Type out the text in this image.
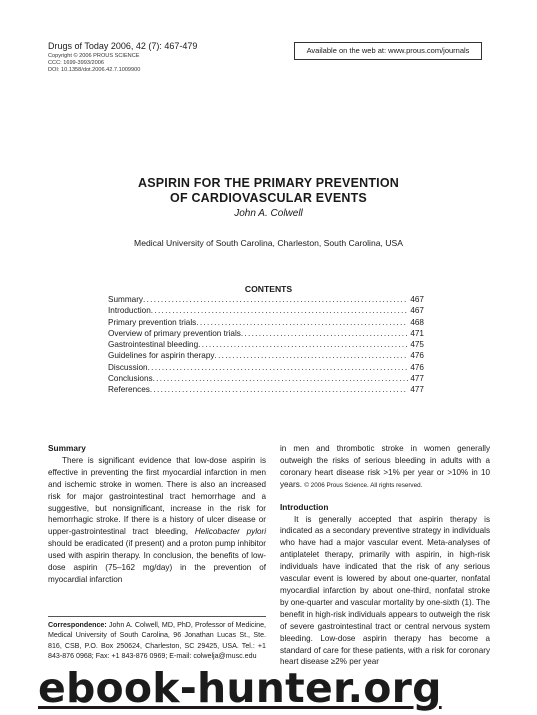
Drugs of Today 2006, 42 (7): 467-479
Copyright © 2006 PROUS SCIENCE
CCC: 1699-3993/2006
DOI: 10.1358/dot.2006.42.7.1009900
Available on the web at: www.prous.com/journals
ASPIRIN FOR THE PRIMARY PREVENTION
OF CARDIOVASCULAR EVENTS
John A. Colwell
Medical University of South Carolina, Charleston, South Carolina, USA
CONTENTS
Summary .....	467
Introduction .....	467
Primary prevention trials .....	468
Overview of primary prevention trials .....	471
Gastrointestinal bleeding .....	475
Guidelines for aspirin therapy .....	476
Discussion .....	476
Conclusions .....	477
References .....	477
Summary
There is significant evidence that low-dose aspirin is effective in preventing the first myocardial infarction in men and ischemic stroke in women. There is also an increased risk for major gastrointestinal tract hemorrhage and a suggestive, but nonsignificant, increase in the risk for hemorrhagic stroke. If there is a history of ulcer disease or upper-gastrointestinal tract bleeding, Helicobacter pylori should be eradicated (if present) and a proton pump inhibitor used with aspirin therapy. In conclusion, the benefits of low-dose aspirin (75–162 mg/day) in the prevention of myocardial infarction
Correspondence: John A. Colwell, MD, PhD, Professor of Medicine, Medical University of South Carolina, 96 Jonathan Lucas St., Ste. 816, CSB, P.O. Box 250624, Charleston, SC 29425, USA. Tel.: +1 843-876 0968; Fax: +1 843-876 0969; E-mail: colwelja@musc.edu
in men and thrombotic stroke in women generally outweigh the risks of serious bleeding in adults with a coronary heart disease risk >1% per year or >10% in 10 years. © 2006 Prous Science. All rights reserved.
Introduction
It is generally accepted that aspirin therapy is indicated as a secondary preventive strategy in individuals who have had a major vascular event. Meta-analyses of antiplatelet therapy, primarily with aspirin, in high-risk individuals have indicated that the risk of any serious vascular event is lowered by about one-quarter, nonfatal myocardial infarction by about one-third, nonfatal stroke by one-quarter and vascular mortality by one-sixth (1). The benefit in high-risk individuals appears to outweigh the risk of severe gastrointestinal tract or central nervous system bleeding. Low-dose aspirin therapy has become a standard of care for these patients, with a risk for coronary heart disease ≥2% per year
ebook-hunter.org
